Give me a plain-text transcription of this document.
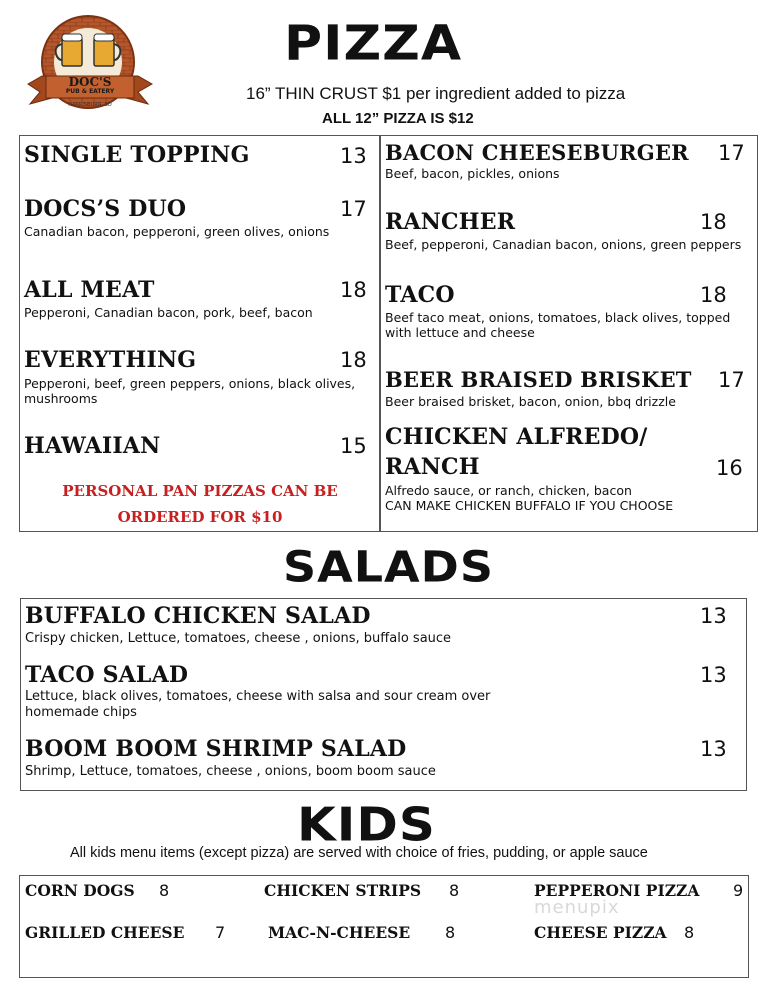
DOC'S
PUB & EATERY
HARRISBURG, SD
PIZZA
16” THIN CRUST $1 per ingredient added to pizza
ALL 12” PIZZA IS $12
SINGLE TOPPING	13
DOCS’S DUO	17
Canadian bacon, pepperoni, green olives, onions
ALL MEAT	18
Pepperoni, Canadian bacon, pork, beef, bacon
EVERYTHING	18
Pepperoni, beef, green peppers, onions, black olives, mushrooms
HAWAIIAN	15
PERSONAL PAN PIZZAS CAN BE
ORDERED FOR $10
BACON CHEESEBURGER 17
Beef, bacon, pickles, onions
RANCHER	18
Beef, pepperoni, Canadian bacon, onions, green peppers
TACO	18
Beef taco meat, onions, tomatoes, black olives, topped with lettuce and cheese
BEER BRAISED BRISKET 17
Beer braised brisket, bacon, onion, bbq drizzle
CHICKEN ALFREDO/
RANCH	16
Alfredo sauce, or ranch, chicken, bacon
CAN MAKE CHICKEN BUFFALO IF YOU CHOOSE
SALADS
BUFFALO CHICKEN SALAD	13
Crispy chicken, Lettuce, tomatoes, cheese , onions, buffalo sauce
TACO SALAD	13
Lettuce, black olives, tomatoes, cheese with salsa and sour cream over homemade chips
BOOM BOOM SHRIMP SALAD	13
Shrimp, Lettuce, tomatoes, cheese , onions, boom boom sauce
KIDS
All kids menu items (except pizza) are served with choice of fries, pudding, or apple sauce
CORN DOGS 8	CHICKEN STRIPS 8	PEPPERONI PIZZA 9
GRILLED CHEESE 7	MAC-N-CHEESE 8	CHEESE PIZZA 8
menupix
